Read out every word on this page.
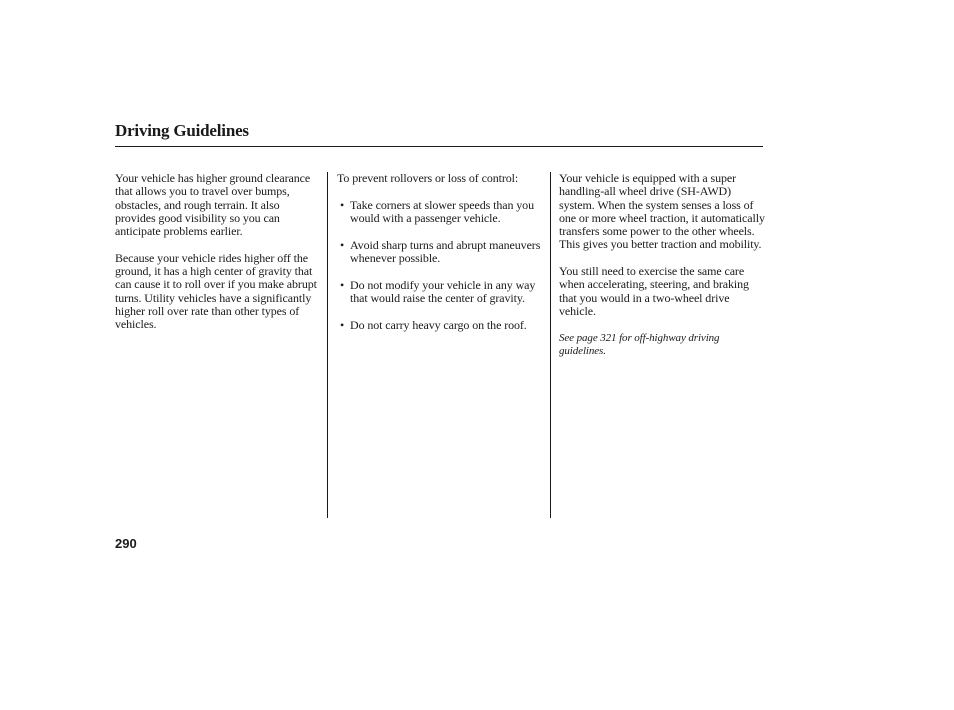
Driving Guidelines

Your vehicle has higher ground clearance that allows you to travel over bumps, obstacles, and rough terrain. It also provides good visibility so you can anticipate problems earlier.

Because your vehicle rides higher off the ground, it has a high center of gravity that can cause it to roll over if you make abrupt turns. Utility vehicles have a significantly higher roll over rate than other types of vehicles.

To prevent rollovers or loss of control:

• Take corners at slower speeds than you would with a passenger vehicle.
• Avoid sharp turns and abrupt maneuvers whenever possible.
• Do not modify your vehicle in any way that would raise the center of gravity.
• Do not carry heavy cargo on the roof.

Your vehicle is equipped with a super handling-all wheel drive (SH-AWD) system. When the system senses a loss of one or more wheel traction, it automatically transfers some power to the other wheels. This gives you better traction and mobility.

You still need to exercise the same care when accelerating, steering, and braking that you would in a two-wheel drive vehicle.

See page 321 for off-highway driving guidelines.

290
